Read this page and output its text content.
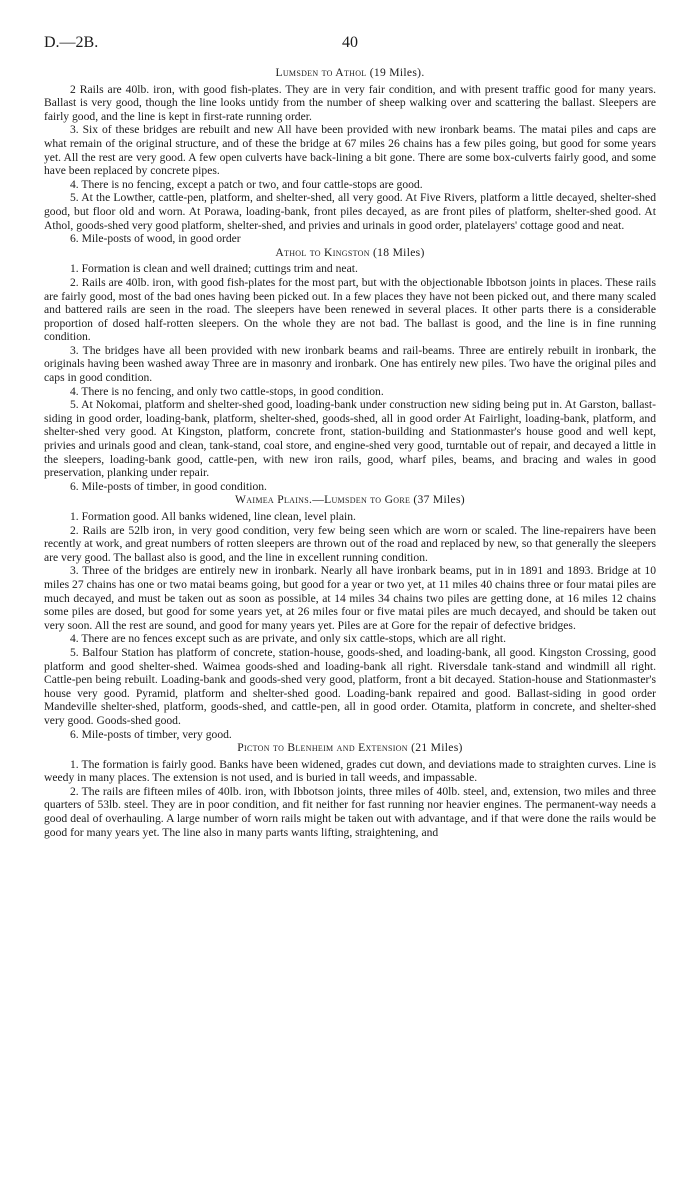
D.—2B.	40
Lumsden to Athol (19 Miles).

2 Rails are 40lb. iron, with good fish-plates. They are in very fair condition, and with present traffic good for many years. Ballast is very good, though the line looks untidy from the number of sheep walking over and scattering the ballast. Sleepers are fairly good, and the line is kept in first-rate running order.

3. Six of these bridges are rebuilt and new All have been provided with new ironbark beams. The matai piles and caps are what remain of the original structure, and of these the bridge at 67 miles 26 chains has a few piles going, but good for some years yet. All the rest are very good. A few open culverts have back-lining a bit gone. There are some box-culverts fairly good, and some have been replaced by concrete pipes.

4. There is no fencing, except a patch or two, and four cattle-stops are good.

5. At the Lowther, cattle-pen, platform, and shelter-shed, all very good. At Five Rivers, platform a little decayed, shelter-shed good, but floor old and worn. At Porawa, loading-bank, front piles decayed, as are front piles of platform, shelter-shed good. At Athol, goods-shed very good platform, shelter-shed, and privies and urinals in good order, platelayers' cottage good and neat.

6. Mile-posts of wood, in good order

Athol to Kingston (18 Miles)

1. Formation is clean and well drained; cuttings trim and neat.

2. Rails are 40lb. iron, with good fish-plates for the most part, but with the objectionable Ibbotson joints in places. These rails are fairly good, most of the bad ones having been picked out. In a few places they have not been picked out, and there many scaled and battered rails are seen in the road. The sleepers have been renewed in several places. It other parts there is a considerable proportion of dosed half-rotten sleepers. On the whole they are not bad. The ballast is good, and the line is in fine running condition.

3. The bridges have all been provided with new ironbark beams and rail-beams. Three are entirely rebuilt in ironbark, the originals having been washed away Three are in masonry and ironbark. One has entirely new piles. Two have the original piles and caps in good condition.

4. There is no fencing, and only two cattle-stops, in good condition.

5. At Nokomai, platform and shelter-shed good, loading-bank under construction new siding being put in. At Garston, ballast-siding in good order, loading-bank, platform, shelter-shed, goods-shed, all in good order At Fairlight, loading-bank, platform, and shelter-shed very good. At Kingston, platform, concrete front, station-building and Stationmaster's house good and well kept, privies and urinals good and clean, tank-stand, coal store, and engine-shed very good, turntable out of repair, and decayed a little in the sleepers, loading-bank good, cattle-pen, with new iron rails, good, wharf piles, beams, and bracing and wales in good preservation, planking under repair.

6. Mile-posts of timber, in good condition.

Waimea Plains.—Lumsden to Gore (37 Miles)

1. Formation good. All banks widened, line clean, level plain.

2. Rails are 52lb iron, in very good condition, very few being seen which are worn or scaled. The line-repairers have been recently at work, and great numbers of rotten sleepers are thrown out of the road and replaced by new, so that generally the sleepers are very good. The ballast also is good, and the line in excellent running condition.

3. Three of the bridges are entirely new in ironbark. Nearly all have ironbark beams, put in in 1891 and 1893. Bridge at 10 miles 27 chains has one or two matai beams going, but good for a year or two yet, at 11 miles 40 chains three or four matai piles are much decayed, and must be taken out as soon as possible, at 14 miles 34 chains two piles are getting done, at 16 miles 12 chains some piles are dosed, but good for some years yet, at 26 miles four or five matai piles are much decayed, and should be taken out very soon. All the rest are sound, and good for many years yet. Piles are at Gore for the repair of defective bridges.

4. There are no fences except such as are private, and only six cattle-stops, which are all right.

5. Balfour Station has platform of concrete, station-house, goods-shed, and loading-bank, all good. Kingston Crossing, good platform and good shelter-shed. Waimea goods-shed and loading-bank all right. Riversdale tank-stand and windmill all right. Cattle-pen being rebuilt. Loading-bank and goods-shed very good, platform, front a bit decayed. Station-house and Stationmaster's house very good. Pyramid, platform and shelter-shed good. Loading-bank repaired and good. Ballast-siding in good order Mandeville shelter-shed, platform, goods-shed, and cattle-pen, all in good order. Otamita, platform in concrete, and shelter-shed very good. Goods-shed good.

6. Mile-posts of timber, very good.

Picton to Blenheim and Extension (21 Miles)

1. The formation is fairly good. Banks have been widened, grades cut down, and deviations made to straighten curves. Line is weedy in many places. The extension is not used, and is buried in tall weeds, and impassable.

2. The rails are fifteen miles of 40lb. iron, with Ibbotson joints, three miles of 40lb. steel, and, extension, two miles and three quarters of 53lb. steel. They are in poor condition, and fit neither for fast running nor heavier engines. The permanent-way needs a good deal of overhauling. A large number of worn rails might be taken out with advantage, and if that were done the rails would be good for many years yet. The line also in many parts wants lifting, straightening, and
